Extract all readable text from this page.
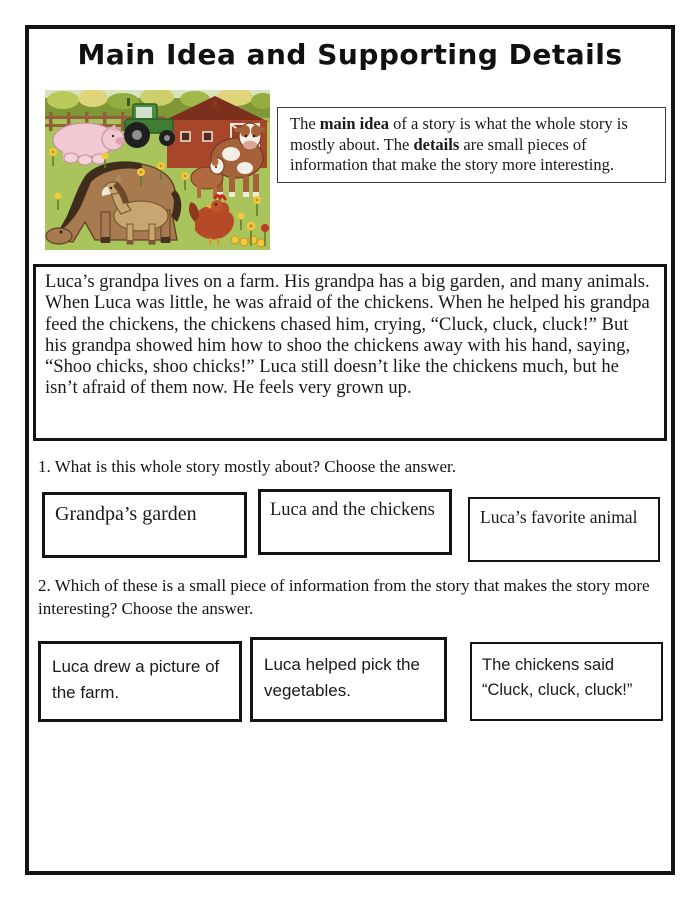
Main Idea and Supporting Details
The main idea of a story is what the whole story is mostly about. The details are small pieces of information that make the story more interesting.
Luca’s grandpa lives on a farm. His grandpa has a big garden, and many animals. When Luca was little, he was afraid of the chickens. When he helped his grandpa feed the chickens, the chickens chased him, crying, “Cluck, cluck, cluck!” But his grandpa showed him how to shoo the chickens away with his hand, saying, “Shoo chicks, shoo chicks!” Luca still doesn’t like the chickens much, but he isn’t afraid of them now. He feels very grown up.
1. What is this whole story mostly about? Choose the answer.
Grandpa’s garden	Luca and the chickens	Luca’s favorite animal
2. Which of these is a small piece of information from the story that makes the story more interesting? Choose the answer.
Luca drew a picture of the farm.
Luca helped pick the vegetables.
The chickens said “Cluck, cluck, cluck!”
